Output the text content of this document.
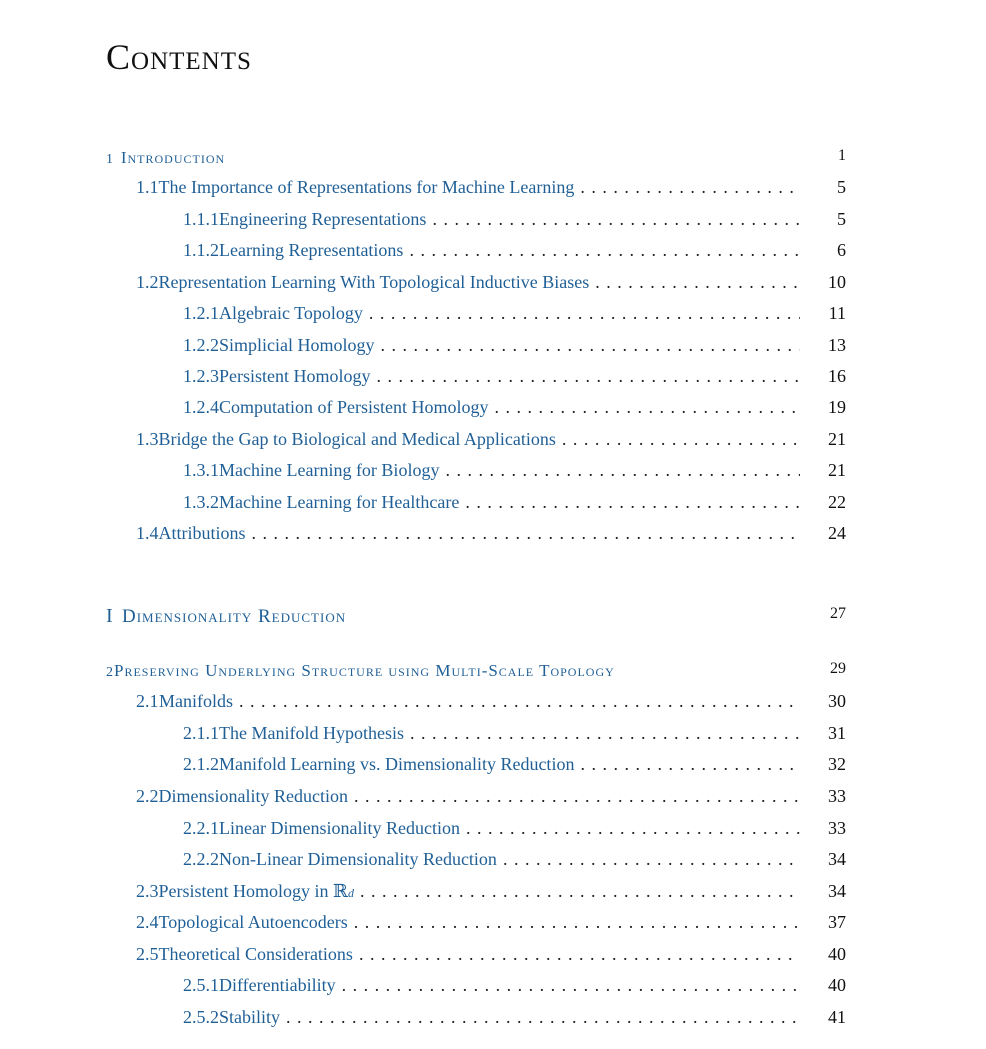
Contents
1 Introduction	1
1.1 The Importance of Representations for Machine Learning . . .	5
1.1.1 Engineering Representations . . .	5
1.1.2 Learning Representations . . .	6
1.2 Representation Learning With Topological Inductive Biases . . .	10
1.2.1 Algebraic Topology . . .	11
1.2.2 Simplicial Homology . . .	13
1.2.3 Persistent Homology . . .	16
1.2.4 Computation of Persistent Homology . . .	19
1.3 Bridge the Gap to Biological and Medical Applications . . .	21
1.3.1 Machine Learning for Biology . . .	21
1.3.2 Machine Learning for Healthcare . . .	22
1.4 Attributions . . .	24
I Dimensionality Reduction	27
2 Preserving Underlying Structure using Multi-Scale Topology	29
2.1 Manifolds . . .	30
2.1.1 The Manifold Hypothesis . . .	31
2.1.2 Manifold Learning vs. Dimensionality Reduction . . .	32
2.2 Dimensionality Reduction . . .	33
2.2.1 Linear Dimensionality Reduction . . .	33
2.2.2 Non-Linear Dimensionality Reduction . . .	34
2.3 Persistent Homology in ℝ d . . .	34
2.4 Topological Autoencoders . . .	37
2.5 Theoretical Considerations . . .	40
2.5.1 Differentiability . . .	40
2.5.2 Stability . . .	41
